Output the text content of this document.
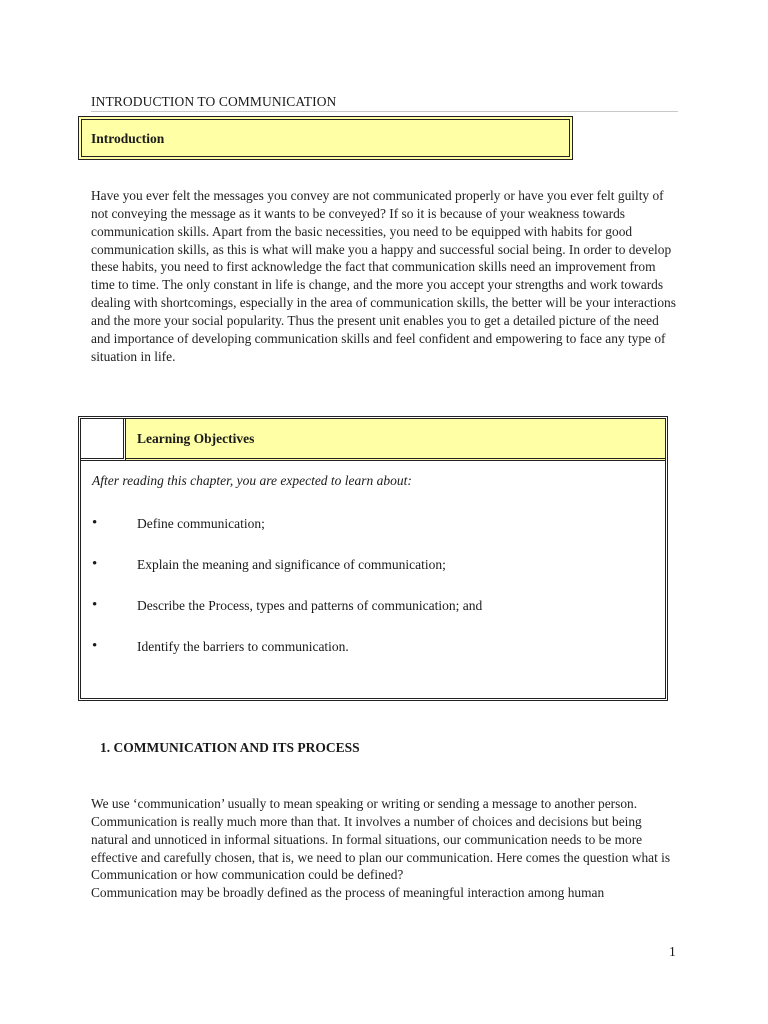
INTRODUCTION TO COMMUNICATION
Introduction

Have you ever felt the messages you convey are not communicated properly or have you ever felt guilty of not conveying the message as it wants to be conveyed? If so it is because of your weakness towards communication skills. Apart from the basic necessities, you need to be equipped with habits for good communication skills, as this is what will make you a happy and successful social being. In order to develop these habits, you need to first acknowledge the fact that communication skills need an improvement from time to time. The only constant in life is change, and the more you accept your strengths and work towards dealing with shortcomings, especially in the area of communication skills, the better will be your interactions and the more your social popularity. Thus the present unit enables you to get a detailed picture of the need and importance of developing communication skills and feel confident and empowering to face any type of situation in life.

Learning Objectives
After reading this chapter, you are expected to learn about:
•	Define communication;
•	Explain the meaning and significance of communication;
•	Describe the Process, types and patterns of communication; and
•	Identify the barriers to communication.
1. COMMUNICATION AND ITS PROCESS
We use ‘communication’ usually to mean speaking or writing or sending a message to another person. Communication is really much more than that. It involves a number of choices and decisions but being natural and unnoticed in informal situations. In formal situations, our communication needs to be more effective and carefully chosen, that is, we need to plan our communication. Here comes the question what is Communication or how communication could be defined?
Communication may be broadly defined as the process of meaningful interaction among human
1
